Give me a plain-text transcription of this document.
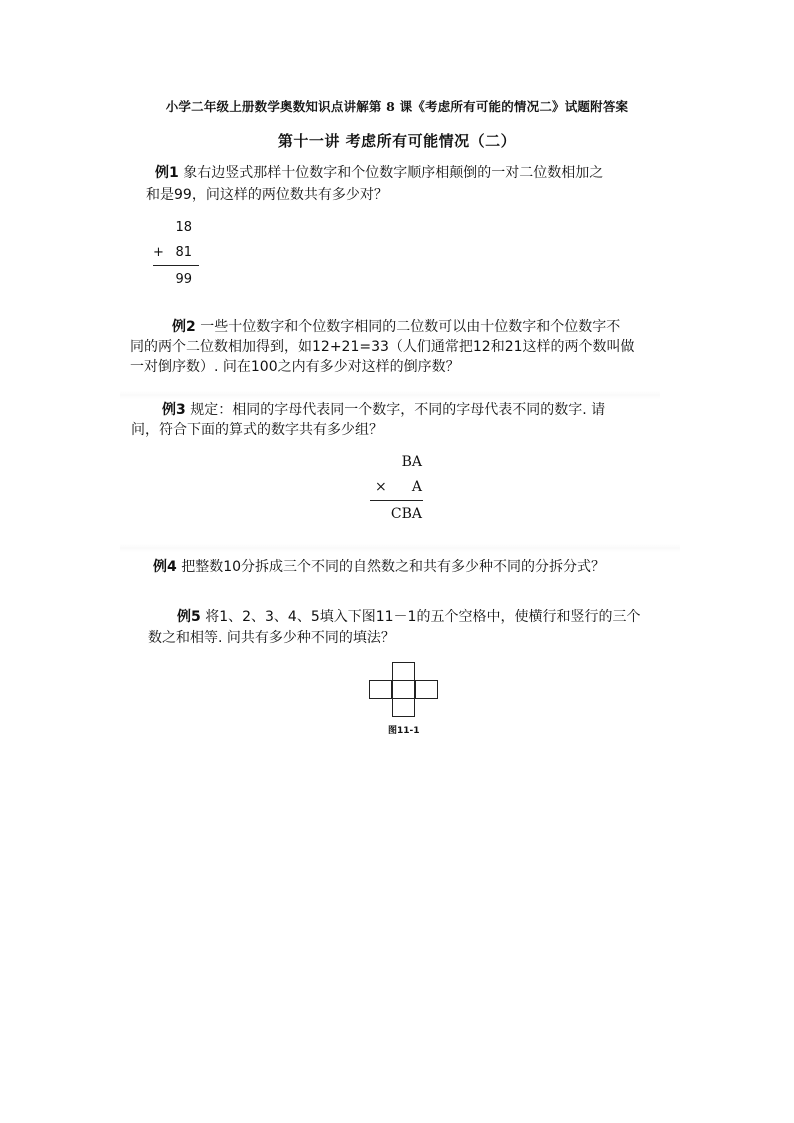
小学二年级上册数学奥数知识点讲解第 8 课《考虑所有可能的情况二》试题附答案
第十一讲 考虑所有可能情况（二）
例1 象右边竖式那样十位数字和个位数字顺序相颠倒的一对二位数相加之
和是99，问这样的两位数共有多少对？
18
+ 81
99
例2 一些十位数字和个位数字相同的二位数可以由十位数字和个位数字不
同的两个二位数相加得到，如12+21=33（人们通常把12和21这样的两个数叫做
一对倒序数）. 问在100之内有多少对这样的倒序数？
例3 规定：相同的字母代表同一个数字，不同的字母代表不同的数字. 请
问，符合下面的算式的数字共有多少组？
BA
×	A
CBA
例4 把整数10分拆成三个不同的自然数之和共有多少种不同的分拆分式？
例5 将1、2、3、4、5填入下图11－1的五个空格中，使横行和竖行的三个
数之和相等. 问共有多少种不同的填法？
图11-1
